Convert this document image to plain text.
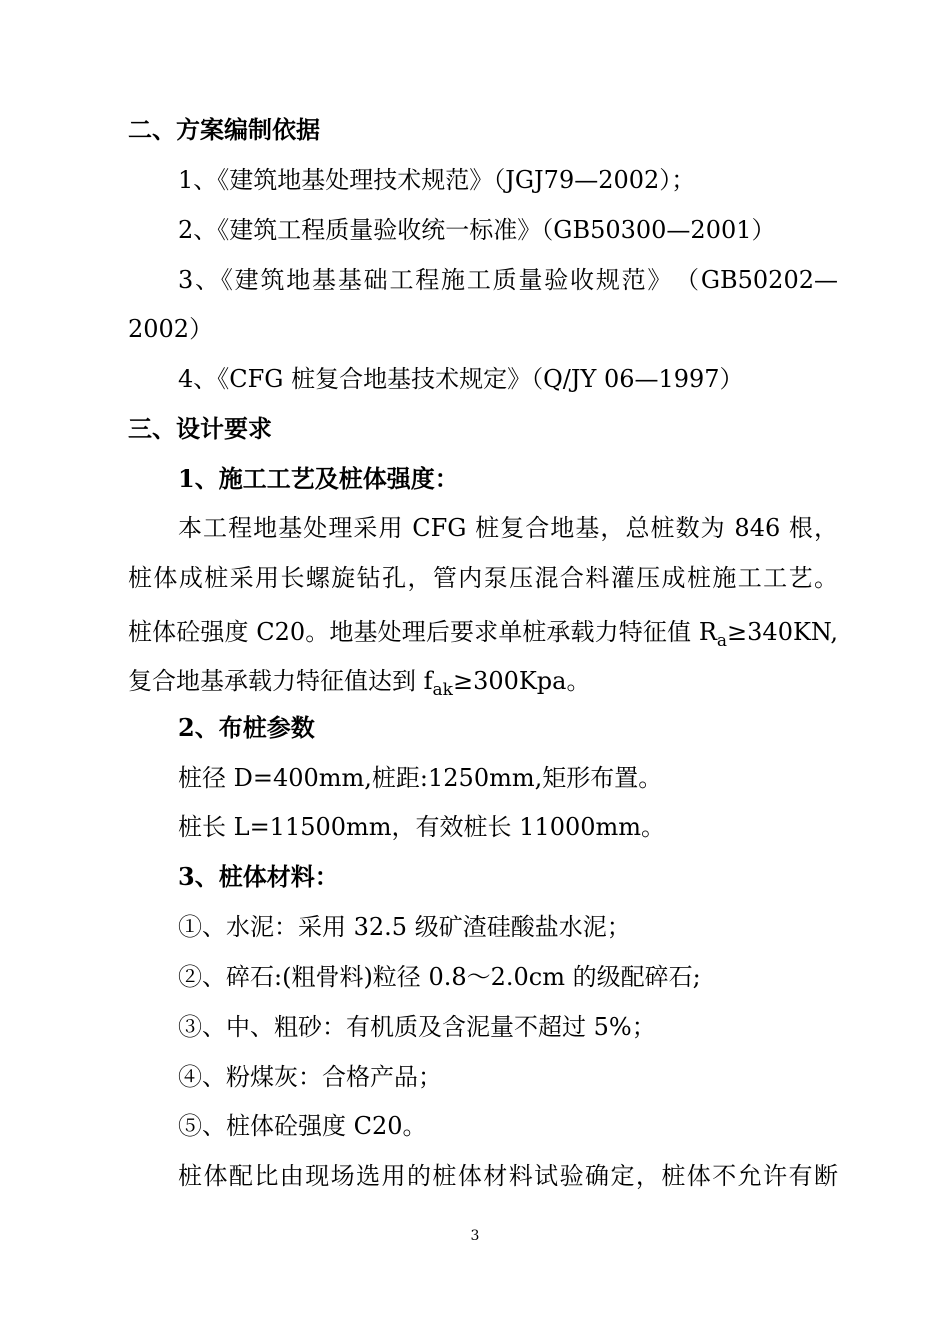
二、方案编制依据
1、《建筑地基处理技术规范》（JGJ79—2002）；
2、《建筑工程质量验收统一标准》（GB50300—2001）
3、《建筑地基基础工程施工质量验收规范》　（GB50202—
2002）
4、《CFG 桩复合地基技术规定》（Q/JY 06—1997）
三、设计要求
1、施工工艺及桩体强度：
本工程地基处理采用 CFG 桩复合地基，总桩数为 846 根，
桩体成桩采用长螺旋钻孔，管内泵压混合料灌压成桩施工工艺。
桩体砼强度 C20。地基处理后要求单桩承载力特征值 $R_a\ge 340KN$,
复合地基承载力特征值达到 $f_{ak}\ge 300Kpa$。
2、布桩参数
桩径 D=400mm,桩距:1250mm,矩形布置。
桩长 L=11500mm，有效桩长 11000mm。
3、桩体材料：
①、水泥：采用 32.5 级矿渣硅酸盐水泥；
②、碎石:(粗骨料)粒径 0.8～2.0cm 的级配碎石;
③、中、粗砂：有机质及含泥量不超过 5%；
④、粉煤灰：合格产品；
⑤、桩体砼强度 C20。
桩体配比由现场选用的桩体材料试验确定，桩体不允许有断
3
